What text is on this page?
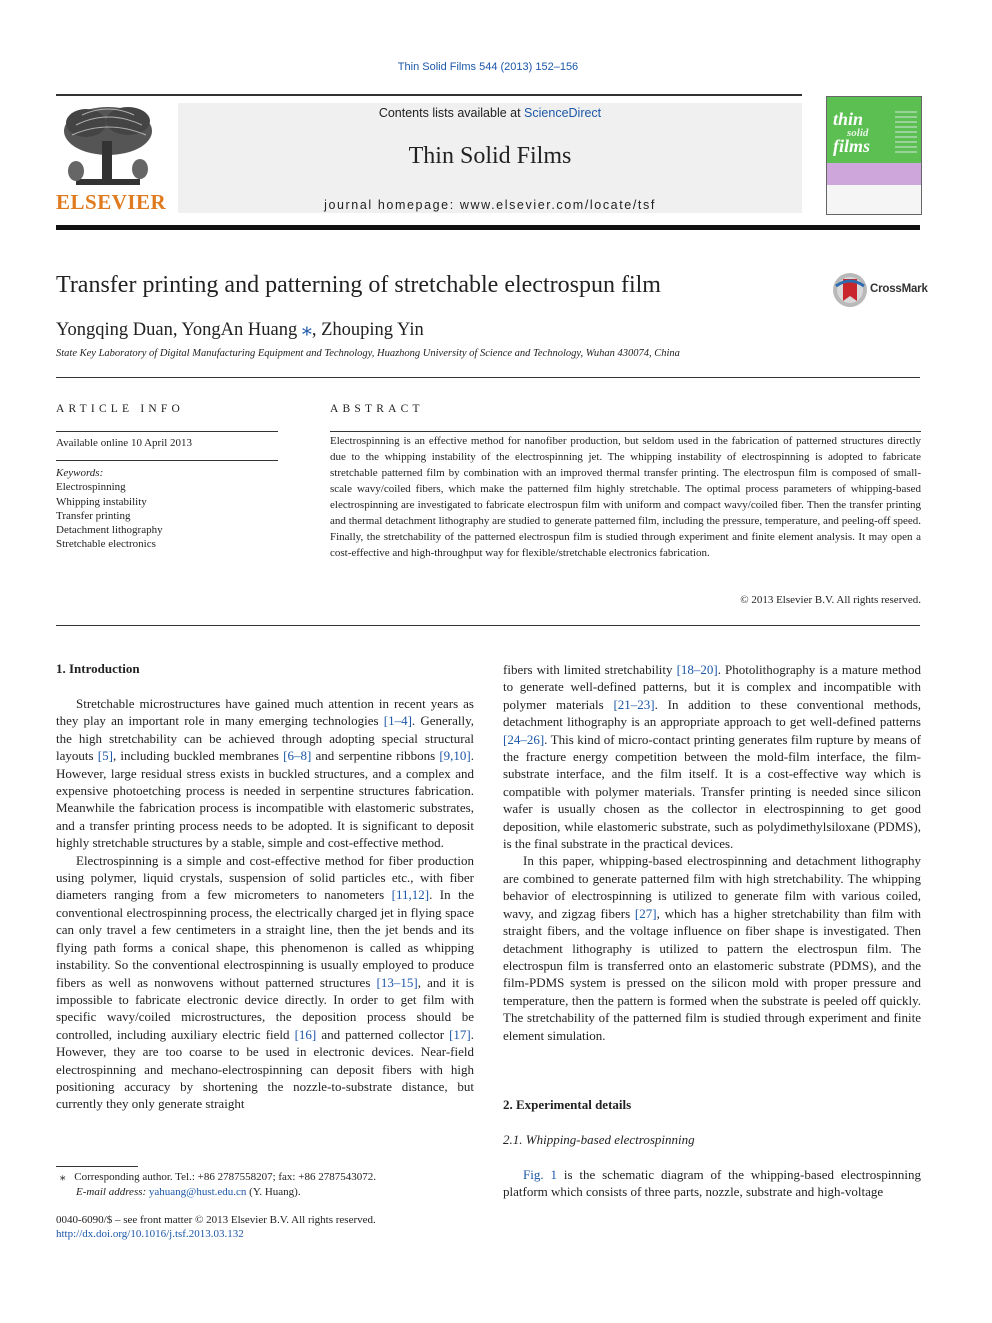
Thin Solid Films 544 (2013) 152–156
ELSEVIER
Contents lists available at ScienceDirect
Thin Solid Films
journal homepage: www.elsevier.com/locate/tsf
thin
solid
films
Transfer printing and patterning of stretchable electrospun film	CrossMark
Yongqing Duan, YongAn Huang ⁎, Zhouping Yin
State Key Laboratory of Digital Manufacturing Equipment and Technology, Huazhong University of Science and Technology, Wuhan 430074, China
ARTICLE INFO
Available online 10 April 2013
Keywords:
Electrospinning
Whipping instability
Transfer printing
Detachment lithography
Stretchable electronics
ABSTRACT
Electrospinning is an effective method for nanofiber production, but seldom used in the fabrication of patterned structures directly due to the whipping instability of the electrospinning jet. The whipping instability of electrospinning is adopted to fabricate stretchable patterned film by combination with an improved thermal transfer printing. The electrospun film is composed of small-scale wavy/coiled fibers, which make the patterned film highly stretchable. The optimal process parameters of whipping-based electrospinning are investigated to fabricate electrospun film with uniform and compact wavy/coiled fiber. Then the transfer printing and thermal detachment lithography are studied to generate patterned film, including the pressure, temperature, and peeling-off speed. Finally, the stretchability of the patterned electrospun film is studied through experiment and finite element analysis. It may open a cost-effective and high-throughput way for flexible/stretchable electronics fabrication.
© 2013 Elsevier B.V. All rights reserved.
1. Introduction

Stretchable microstructures have gained much attention in recent years as they play an important role in many emerging technologies [1–4]. Generally, the high stretchability can be achieved through adopting special structural layouts [5], including buckled membranes [6–8] and serpentine ribbons [9,10]. However, large residual stress exists in buckled structures, and a complex and expensive photoetching process is needed in serpentine structures fabrication. Meanwhile the fabrication process is incompatible with elastomeric substrates, and a transfer printing process needs to be adopted. It is significant to deposit highly stretchable structures by a stable, simple and cost-effective method.

Electrospinning is a simple and cost-effective method for fiber production using polymer, liquid crystals, suspension of solid particles etc., with fiber diameters ranging from a few micrometers to nanometers [11,12]. In the conventional electrospinning process, the electrically charged jet in flying space can only travel a few centimeters in a straight line, then the jet bends and its flying path forms a conical shape, this phenomenon is called as whipping instability. So the conventional electrospinning is usually employed to produce fibers as well as nonwovens without patterned structures [13–15], and it is impossible to fabricate electronic device directly. In order to get film with specific wavy/coiled microstructures, the deposition process should be controlled, including auxiliary electric field [16] and patterned collector [17]. However, they are too coarse to be used in electronic devices. Near-field electrospinning and mechano-electrospinning can deposit fibers with high positioning accuracy by shortening the nozzle-to-substrate distance, but currently they only generate straight

fibers with limited stretchability [18–20]. Photolithography is a mature method to generate well-defined patterns, but it is complex and incompatible with polymer materials [21–23]. In addition to these conventional methods, detachment lithography is an appropriate approach to get well-defined patterns [24–26]. This kind of micro-contact printing generates film rupture by means of the fracture energy competition between the mold-film interface, the film-substrate interface, and the film itself. It is a cost-effective way which is compatible with polymer materials. Transfer printing is needed since silicon wafer is usually chosen as the collector in electrospinning to get good deposition, while elastomeric substrate, such as polydimethylsiloxane (PDMS), is the final substrate in the practical devices.

In this paper, whipping-based electrospinning and detachment lithography are combined to generate patterned film with high stretchability. The whipping behavior of electrospinning is utilized to generate film with various coiled, wavy, and zigzag fibers [27], which has a higher stretchability than film with straight fibers, and the voltage influence on fiber shape is investigated. Then detachment lithography is utilized to pattern the electrospun film. The electrospun film is transferred onto an elastomeric substrate (PDMS), and the film-PDMS system is pressed on the silicon mold with proper pressure and temperature, then the pattern is formed when the substrate is peeled off quickly. The stretchability of the patterned film is studied through experiment and finite element simulation.

2. Experimental details
2.1. Whipping-based electrospinning

Fig. 1 is the schematic diagram of the whipping-based electrospinning platform which consists of three parts, nozzle, substrate and high-voltage

⁎ Corresponding author. Tel.: +86 2787558207; fax: +86 2787543072.
E-mail address: yahuang@hust.edu.cn (Y. Huang).
0040-6090/$ – see front matter © 2013 Elsevier B.V. All rights reserved.
http://dx.doi.org/10.1016/j.tsf.2013.03.132
